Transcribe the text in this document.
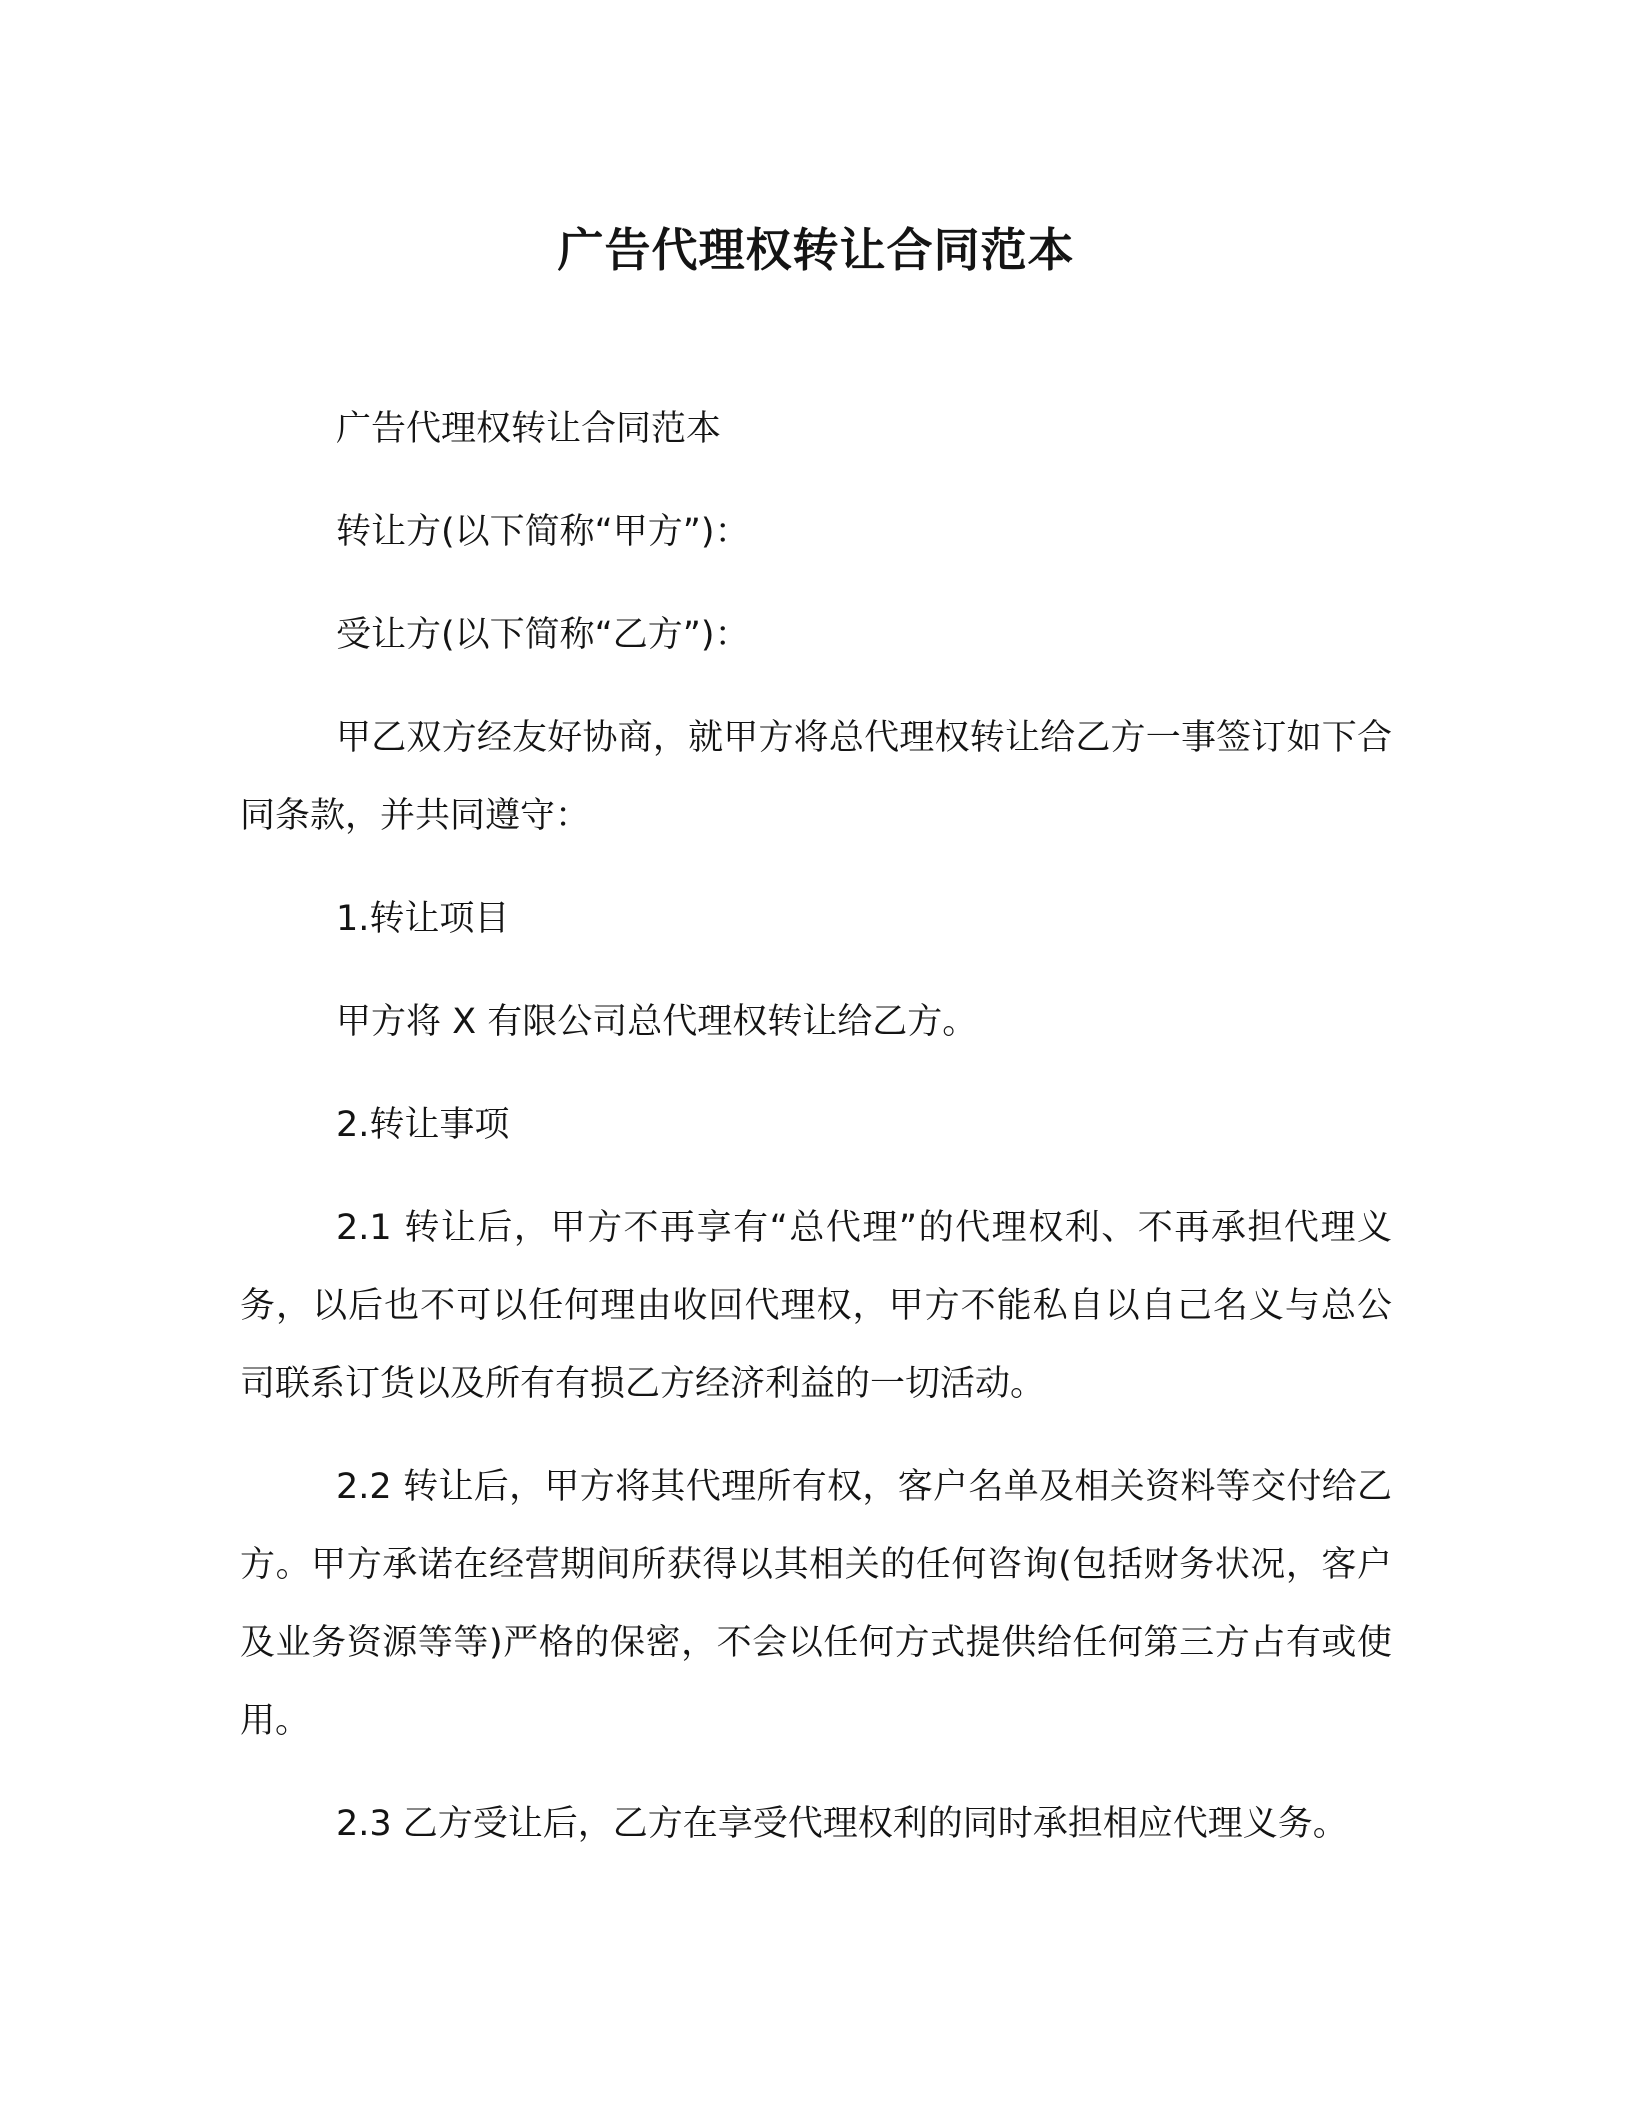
广告代理权转让合同范本

广告代理权转让合同范本

转让方(以下简称“甲方”)：

受让方(以下简称“乙方”)：

甲乙双方经友好协商，就甲方将总代理权转让给乙方一事签订如下合同条款，并共同遵守：

1.转让项目

甲方将 X 有限公司总代理权转让给乙方。

2.转让事项

2.1 转让后，甲方不再享有“总代理”的代理权利、不再承担代理义务，以后也不可以任何理由收回代理权，甲方不能私自以自己名义与总公司联系订货以及所有有损乙方经济利益的一切活动。

2.2 转让后，甲方将其代理所有权，客户名单及相关资料等交付给乙方。甲方承诺在经营期间所获得以其相关的任何咨询(包括财务状况，客户及业务资源等等)严格的保密，不会以任何方式提供给任何第三方占有或使用。

2.3 乙方受让后，乙方在享受代理权利的同时承担相应代理义务。
